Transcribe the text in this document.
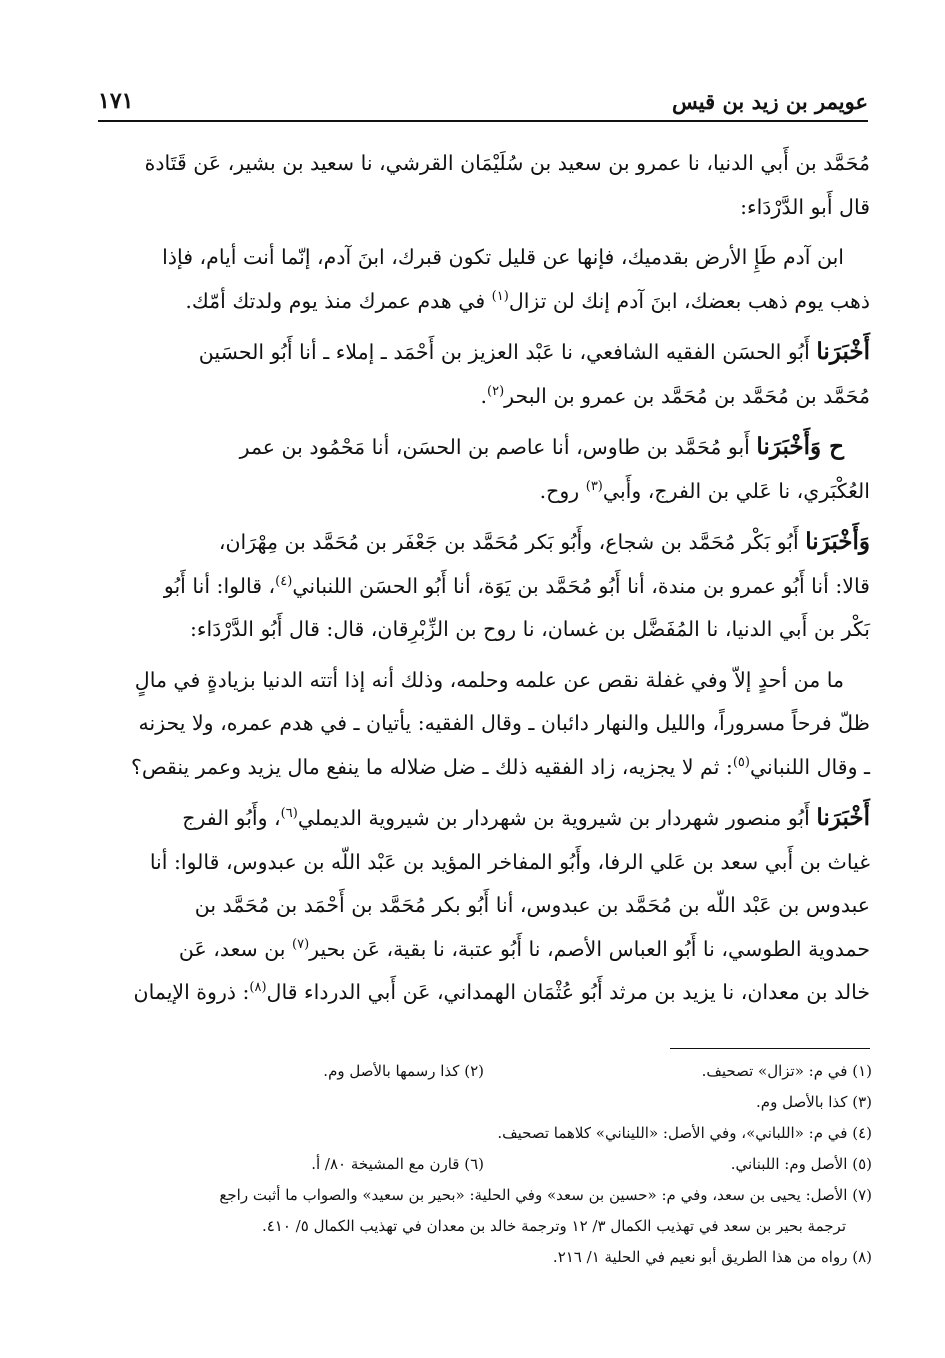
عويمر بن زيد بن قيس
١٧١

مُحَمَّد بن أَبي الدنيا، نا عمرو بن سعيد بن سُلَيْمَان القرشي، نا سعيد بن بشير، عَن قَتَادة
قال أَبو الدَّرْدَاء:

ابن آدم طَإِ الأرض بقدميك، فإنها عن قليل تكون قبرك، ابنَ آدم، إنّما أنت أيام، فإذا
ذهب يوم ذهب بعضك، ابنَ آدم إنك لن تزال$^{(١)}$ في هدم عمرك منذ يوم ولدتك أمّك.

أَخْبَرَنا أَبُو الحسَن الفقيه الشافعي، نا عَبْد العزيز بن أَحْمَد ـ إملاء ـ أنا أَبُو الحسَين
مُحَمَّد بن مُحَمَّد بن مُحَمَّد بن عمرو بن البحر$^{(٢)}$.

ح وَأَخْبَرَنا أَبو مُحَمَّد بن طاوس، أنا عاصم بن الحسَن، أنا مَحْمُود بن عمر
العُكْبَري، نا عَلي بن الفرج، وأَبي$^{(٣)}$ روح.

وَأَخْبَرَنا أَبُو بَكْر مُحَمَّد بن شجاع، وأَبُو بَكر مُحَمَّد بن جَعْفَر بن مُحَمَّد بن مِهْرَان،
قالا: أنا أَبُو عمرو بن مندة، أنا أَبُو مُحَمَّد بن يَوَة، أنا أَبُو الحسَن اللنباني$^{(٤)}$، قالوا: أنا أَبُو
بَكْر بن أَبي الدنيا، نا المُفَضَّل بن غسان، نا روح بن الزِّبْرِقان، قال: قال أَبُو الدَّرْدَاء:

ما من أحدٍ إلاّ وفي غفلة نقص عن علمه وحلمه، وذلك أنه إذا أتته الدنيا بزيادةٍ في مالٍ
ظلّ فرحاً مسروراً، والليل والنهار دائبان ـ وقال الفقيه: يأتيان ـ في هدم عمره، ولا يحزنه
ـ وقال اللنباني$^{(٥)}$: ثم لا يجزيه، زاد الفقيه ذلك ـ ضل ضلاله ما ينفع مال يزيد وعمر ينقص؟

أَخْبَرَنا أَبُو منصور شهردار بن شيروية بن شهردار بن شيروية الديملي$^{(٦)}$، وأَبُو الفرج
غياث بن أَبي سعد بن عَلي الرفا، وأَبُو المفاخر المؤيد بن عَبْد اللّه بن عبدوس، قالوا: أنا
عبدوس بن عَبْد اللّه بن مُحَمَّد بن عبدوس، أنا أَبُو بكر مُحَمَّد بن أَحْمَد بن مُحَمَّد بن
حمدوية الطوسي، نا أَبُو العباس الأصم، نا أَبُو عتبة، نا بقية، عَن بحير$^{(٧)}$ بن سعد، عَن
خالد بن معدان، نا يزيد بن مرثد أَبُو عُثْمَان الهمداني، عَن أَبي الدرداء قال$^{(٨)}$: ذروة الإيمان

(١) في م: «تزال» تصحيف.
(٢) كذا رسمها بالأصل وم.
(٣) كذا بالأصل وم.
(٤) في م: «اللباني»، وفي الأصل: «الليناني» كلاهما تصحيف.
(٥) الأصل وم: اللبناني.
(٦) قارن مع المشيخة ٨٠/ أ.
(٧) الأصل: يحيى بن سعد، وفي م: «حسين بن سعد» وفي الحلية: «بحير بن سعيد» والصواب ما أثبت راجع
ترجمة بحير بن سعد في تهذيب الكمال ٣/ ١٢ وترجمة خالد بن معدان في تهذيب الكمال ٥/ ٤١٠.
(٨) رواه من هذا الطريق أبو نعيم في الحلية ١/ ٢١٦.
